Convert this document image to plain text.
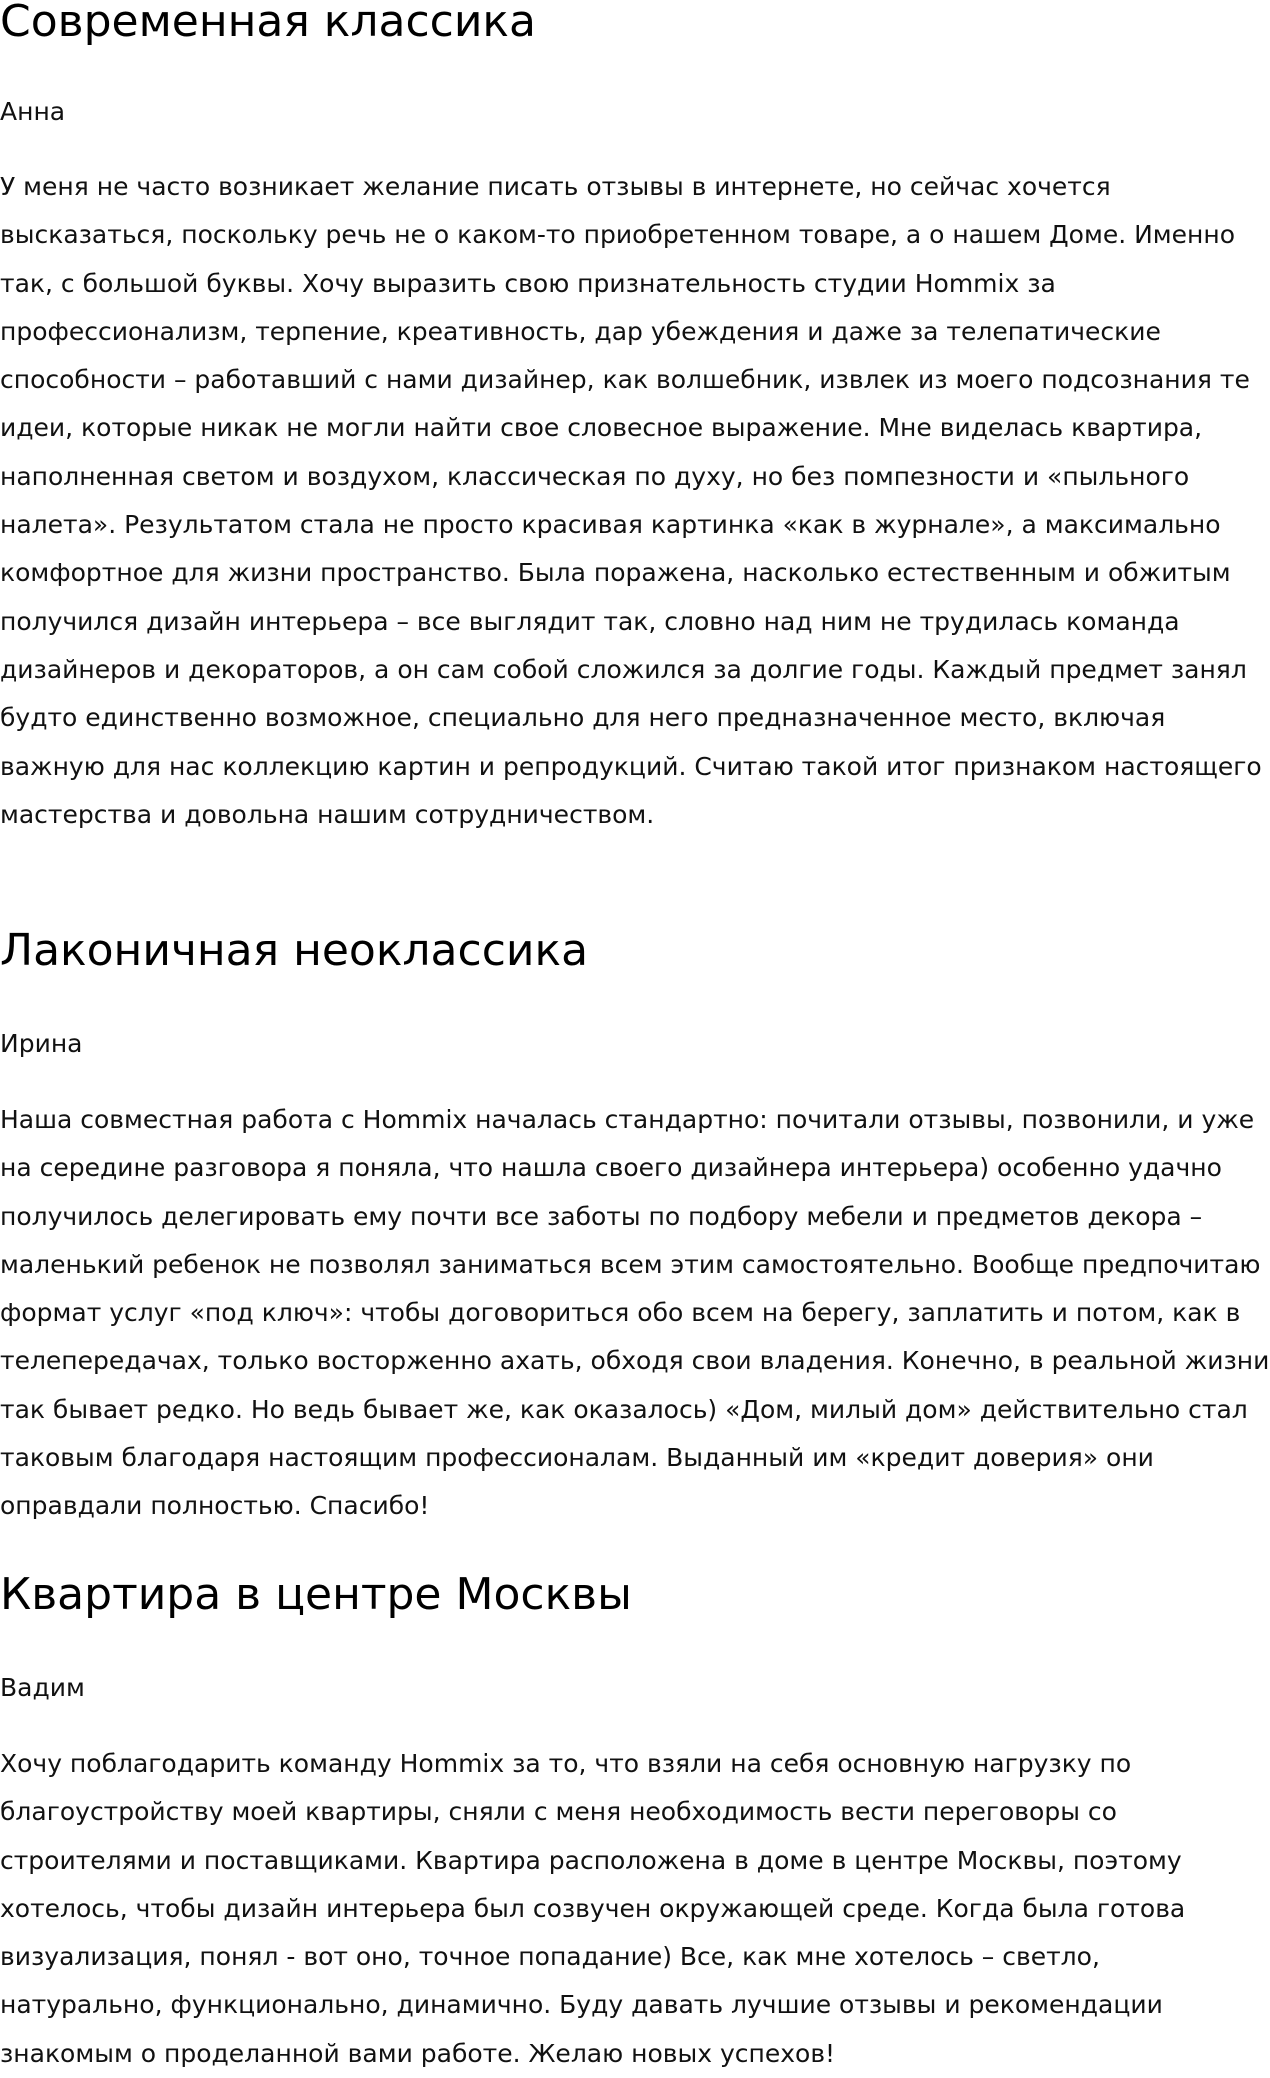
Современная классика

Анна

У меня не часто возникает желание писать отзывы в интернете, но сейчас хочется высказаться, поскольку речь не о каком-то приобретенном товаре, а о нашем Доме. Именно так, с большой буквы. Хочу выразить свою признательность студии Hommix за профессионализм, терпение, креативность, дар убеждения и даже за телепатические способности – работавший с нами дизайнер, как волшебник, извлек из моего подсознания те идеи, которые никак не могли найти свое словесное выражение. Мне виделась квартира, наполненная светом и воздухом, классическая по духу, но без помпезности и «пыльного налета». Результатом стала не просто красивая картинка «как в журнале», а максимально комфортное для жизни пространство. Была поражена, насколько естественным и обжитым получился дизайн интерьера – все выглядит так, словно над ним не трудилась команда дизайнеров и декораторов, а он сам собой сложился за долгие годы. Каждый предмет занял будто единственно возможное, специально для него предназначенное место, включая важную для нас коллекцию картин и репродукций. Считаю такой итог признаком настоящего мастерства и довольна нашим сотрудничеством.

Лаконичная неоклассика

Ирина

Наша совместная работа с Hommix началась стандартно: почитали отзывы, позвонили, и уже на середине разговора я поняла, что нашла своего дизайнера интерьера) особенно удачно получилось делегировать ему почти все заботы по подбору мебели и предметов декора – маленький ребенок не позволял заниматься всем этим самостоятельно. Вообще предпочитаю формат услуг «под ключ»: чтобы договориться обо всем на берегу, заплатить и потом, как в телепередачах, только восторженно ахать, обходя свои владения. Конечно, в реальной жизни так бывает редко. Но ведь бывает же, как оказалось) «Дом, милый дом» действительно стал таковым благодаря настоящим профессионалам. Выданный им «кредит доверия» они оправдали полностью. Спасибо!

Квартира в центре Москвы

Вадим

Хочу поблагодарить команду Hommix за то, что взяли на себя основную нагрузку по благоустройству моей квартиры, сняли с меня необходимость вести переговоры со строителями и поставщиками. Квартира расположена в доме в центре Москвы, поэтому хотелось, чтобы дизайн интерьера был созвучен окружающей среде. Когда была готова визуализация, понял - вот оно, точное попадание) Все, как мне хотелось – светло, натурально, функционально, динамично. Буду давать лучшие отзывы и рекомендации знакомым о проделанной вами работе. Желаю новых успехов!
